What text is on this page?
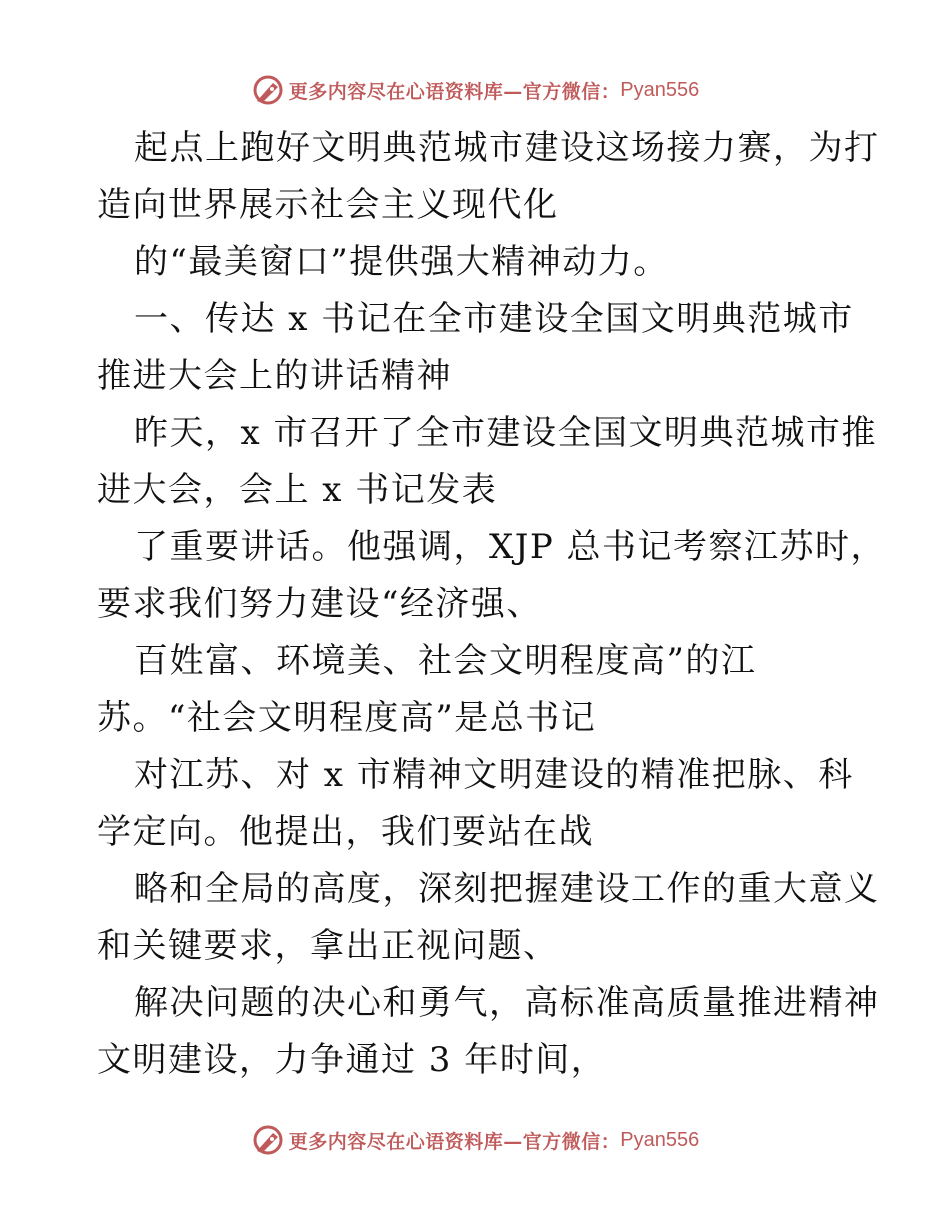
更多内容尽在心语资料库—官方微信： Pyan556
起点上跑好文明典范城市建设这场接力赛，为打
造向世界展示社会主义现代化
的“最美窗口”提供强大精神动力。
一、传达 x 书记在全市建设全国文明典范城市
推进大会上的讲话精神
昨天，x 市召开了全市建设全国文明典范城市推
进大会，会上 x 书记发表
了重要讲话。他强调，XJP 总书记考察江苏时，
要求我们努力建设“经济强、
百姓富、环境美、社会文明程度高”的江
苏。“社会文明程度高”是总书记
对江苏、对 x 市精神文明建设的精准把脉、科
学定向。他提出，我们要站在战
略和全局的高度，深刻把握建设工作的重大意义
和关键要求，拿出正视问题、
解决问题的决心和勇气，高标准高质量推进精神
文明建设，力争通过 3 年时间，
更多内容尽在心语资料库—官方微信： Pyan556
